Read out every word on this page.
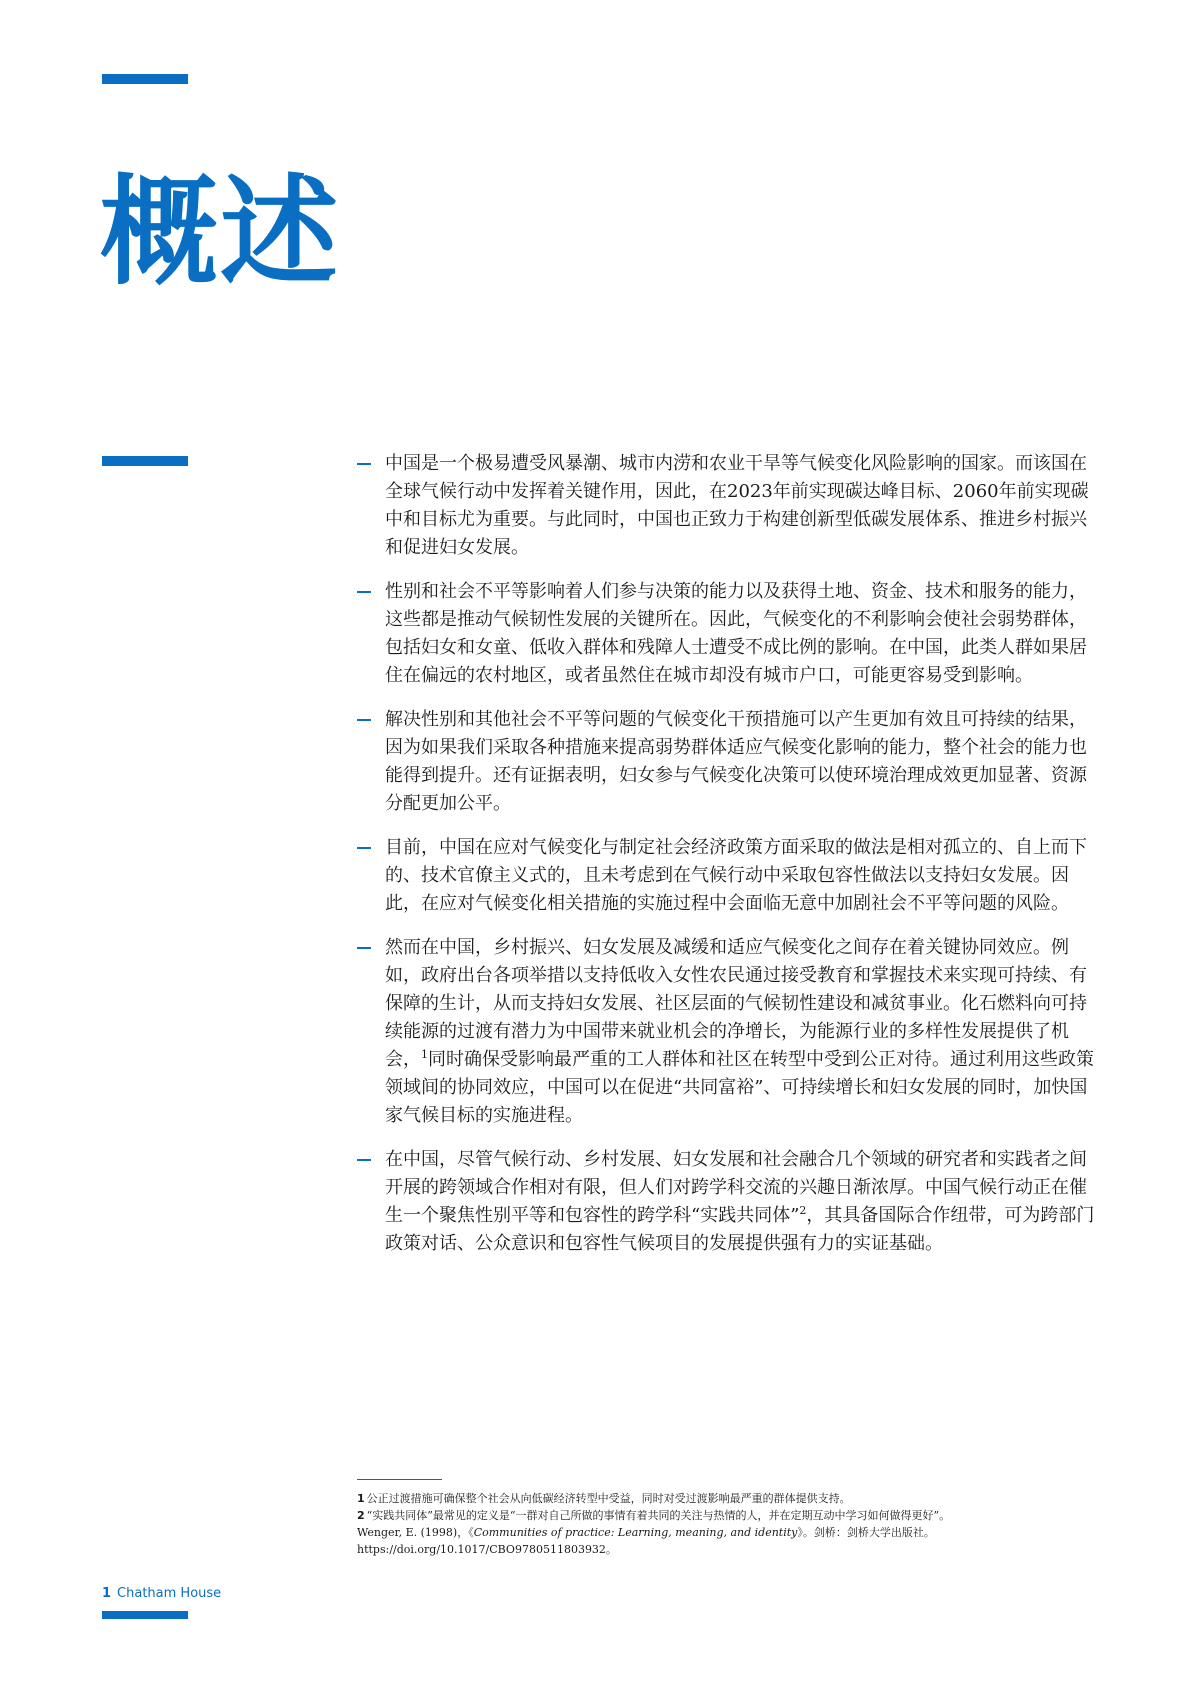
概述
中国是一个极易遭受风暴潮、城市内涝和农业干旱等气候变化风险影响的国家。而该国在全球气候行动中发挥着关键作用，因此，在2023年前实现碳达峰目标、2060年前实现碳中和目标尤为重要。与此同时，中国也正致力于构建创新型低碳发展体系、推进乡村振兴和促进妇女发展。
性别和社会不平等影响着人们参与决策的能力以及获得土地、资金、技术和服务的能力，这些都是推动气候韧性发展的关键所在。因此，气候变化的不利影响会使社会弱势群体，包括妇女和女童、低收入群体和残障人士遭受不成比例的影响。在中国，此类人群如果居住在偏远的农村地区，或者虽然住在城市却没有城市户口，可能更容易受到影响。
解决性别和其他社会不平等问题的气候变化干预措施可以产生更加有效且可持续的结果，因为如果我们采取各种措施来提高弱势群体适应气候变化影响的能力，整个社会的能力也能得到提升。还有证据表明，妇女参与气候变化决策可以使环境治理成效更加显著、资源分配更加公平。
目前，中国在应对气候变化与制定社会经济政策方面采取的做法是相对孤立的、自上而下的、技术官僚主义式的，且未考虑到在气候行动中采取包容性做法以支持妇女发展。因此，在应对气候变化相关措施的实施过程中会面临无意中加剧社会不平等问题的风险。
然而在中国，乡村振兴、妇女发展及减缓和适应气候变化之间存在着关键协同效应。例如，政府出台各项举措以支持低收入女性农民通过接受教育和掌握技术来实现可持续、有保障的生计，从而支持妇女发展、社区层面的气候韧性建设和减贫事业。化石燃料向可持续能源的过渡有潜力为中国带来就业机会的净增长，为能源行业的多样性发展提供了机会，$^1$同时确保受影响最严重的工人群体和社区在转型中受到公正对待。通过利用这些政策领域间的协同效应，中国可以在促进“共同富裕”、可持续增长和妇女发展的同时，加快国家气候目标的实施进程。
在中国，尽管气候行动、乡村发展、妇女发展和社会融合几个领域的研究者和实践者之间开展的跨领域合作相对有限，但人们对跨学科交流的兴趣日渐浓厚。中国气候行动正在催生一个聚焦性别平等和包容性的跨学科“实践共同体”$^2$，其具备国际合作纽带，可为跨部门政策对话、公众意识和包容性气候项目的发展提供强有力的实证基础。
1 公正过渡措施可确保整个社会从向低碳经济转型中受益，同时对受过渡影响最严重的群体提供支持。
2 “实践共同体”最常见的定义是“一群对自己所做的事情有着共同的关注与热情的人，并在定期互动中学习如何做得更好”。
Wenger, E. (1998)，《Communities of practice: Learning, meaning, and identity》。剑桥：剑桥大学出版社。
https://doi.org/10.1017/CBO9780511803932。
1 Chatham House
